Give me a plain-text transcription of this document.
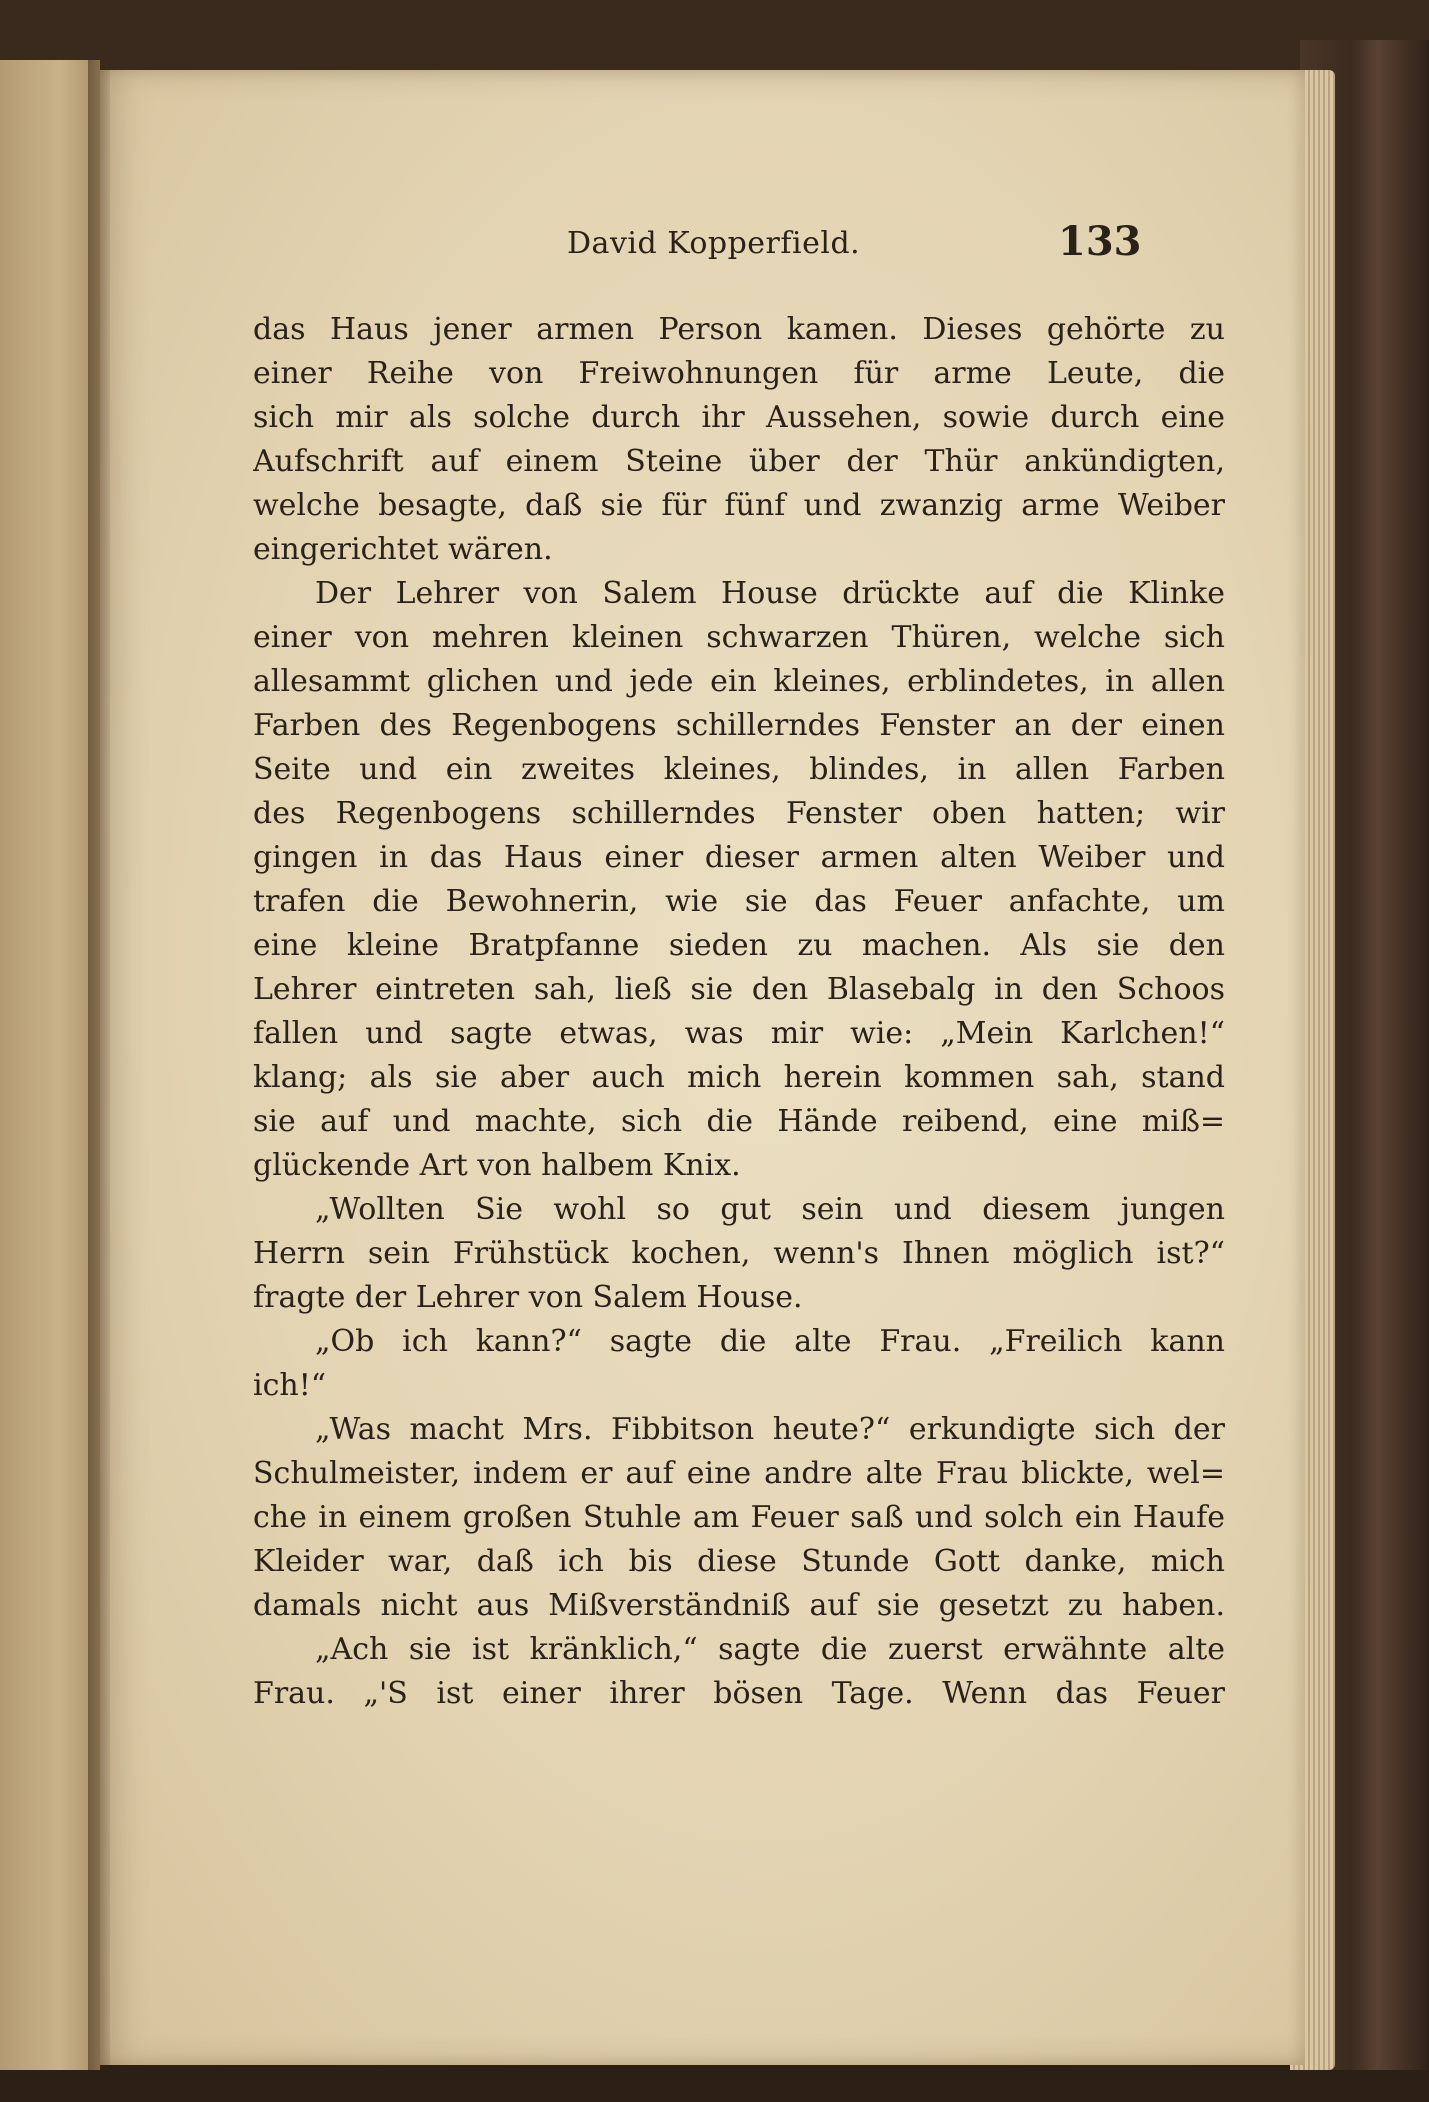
David Kopperfield.	133
das Haus jener armen Person kamen. Dieses gehörte zu
einer Reihe von Freiwohnungen für arme Leute, die
sich mir als solche durch ihr Aussehen, sowie durch eine
Aufschrift auf einem Steine über der Thür ankündigten,
welche besagte, daß sie für fünf und zwanzig arme Weiber
eingerichtet wären.
Der Lehrer von Salem House drückte auf die Klinke
einer von mehren kleinen schwarzen Thüren, welche sich
allesammt glichen und jede ein kleines, erblindetes, in allen
Farben des Regenbogens schillerndes Fenster an der einen
Seite und ein zweites kleines, blindes, in allen Farben
des Regenbogens schillerndes Fenster oben hatten; wir
gingen in das Haus einer dieser armen alten Weiber und
trafen die Bewohnerin, wie sie das Feuer anfachte, um
eine kleine Bratpfanne sieden zu machen. Als sie den
Lehrer eintreten sah, ließ sie den Blasebalg in den Schoos
fallen und sagte etwas, was mir wie: „Mein Karlchen!“
klang; als sie aber auch mich herein kommen sah, stand
sie auf und machte, sich die Hände reibend, eine miß=
glückende Art von halbem Knix.
„Wollten Sie wohl so gut sein und diesem jungen
Herrn sein Frühstück kochen, wenn's Ihnen möglich ist?“
fragte der Lehrer von Salem House.
„Ob ich kann?“ sagte die alte Frau. „Freilich kann
ich!“
„Was macht Mrs. Fibbitson heute?“ erkundigte sich der
Schulmeister, indem er auf eine andre alte Frau blickte, wel=
che in einem großen Stuhle am Feuer saß und solch ein Haufe
Kleider war, daß ich bis diese Stunde Gott danke, mich
damals nicht aus Mißverständniß auf sie gesetzt zu haben.
„Ach sie ist kränklich,“ sagte die zuerst erwähnte alte
Frau. „'S ist einer ihrer bösen Tage. Wenn das Feuer
